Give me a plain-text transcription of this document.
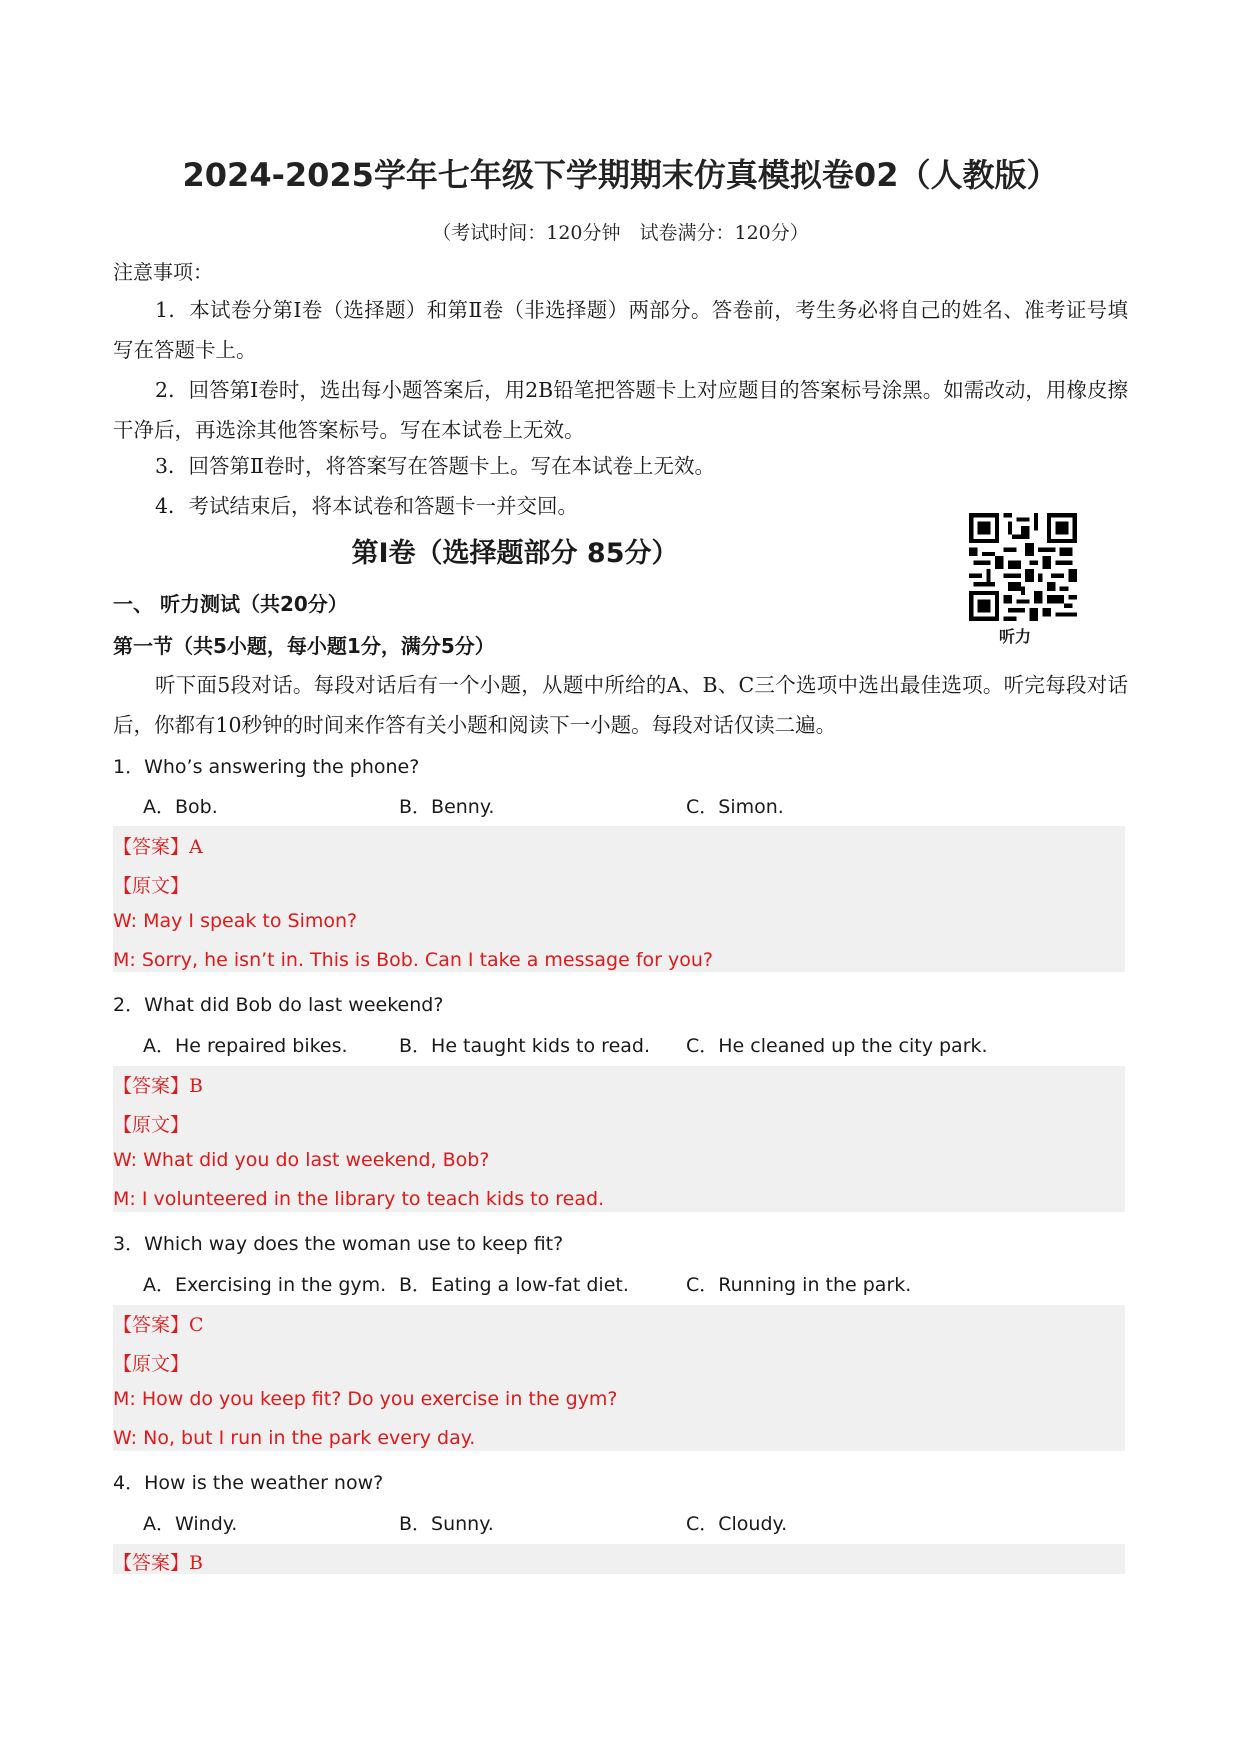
2024-2025学年七年级下学期期末仿真模拟卷02（人教版）
（考试时间：120分钟　试卷满分：120分）
注意事项：
1．本试卷分第Ⅰ卷（选择题）和第Ⅱ卷（非选择题）两部分。答卷前，考生务必将自己的姓名、准考证号填写在答题卡上。
2．回答第Ⅰ卷时，选出每小题答案后，用2B铅笔把答题卡上对应题目的答案标号涂黑。如需改动，用橡皮擦干净后，再选涂其他答案标号。写在本试卷上无效。
3．回答第Ⅱ卷时，将答案写在答题卡上。写在本试卷上无效。
4．考试结束后，将本试卷和答题卡一并交回。
第I卷（选择题部分 85分）
听力
一、 听力测试（共20分）
第一节（共5小题，每小题1分，满分5分）
听下面5段对话。每段对话后有一个小题，从题中所给的A、B、C三个选项中选出最佳选项。听完每段对话后，你都有10秒钟的时间来作答有关小题和阅读下一小题。每段对话仅读二遍。
1．Who’s answering the phone?
A．Bob.	B．Benny.	C．Simon.
【答案】A
【原文】
W: May I speak to Simon?
M: Sorry, he isn’t in. This is Bob. Can I take a message for you?
2．What did Bob do last weekend?
A．He repaired bikes.	B．He taught kids to read. C．He cleaned up the city park.
【答案】B
【原文】
W: What did you do last weekend, Bob?
M: I volunteered in the library to teach kids to read.
3．Which way does the woman use to keep fit?
A．Exercising in the gym. B．Eating a low-fat diet.	C．Running in the park.
【答案】C
【原文】
M: How do you keep fit? Do you exercise in the gym?
W: No, but I run in the park every day.
4．How is the weather now?
A．Windy.	B．Sunny.	C．Cloudy.
【答案】B
